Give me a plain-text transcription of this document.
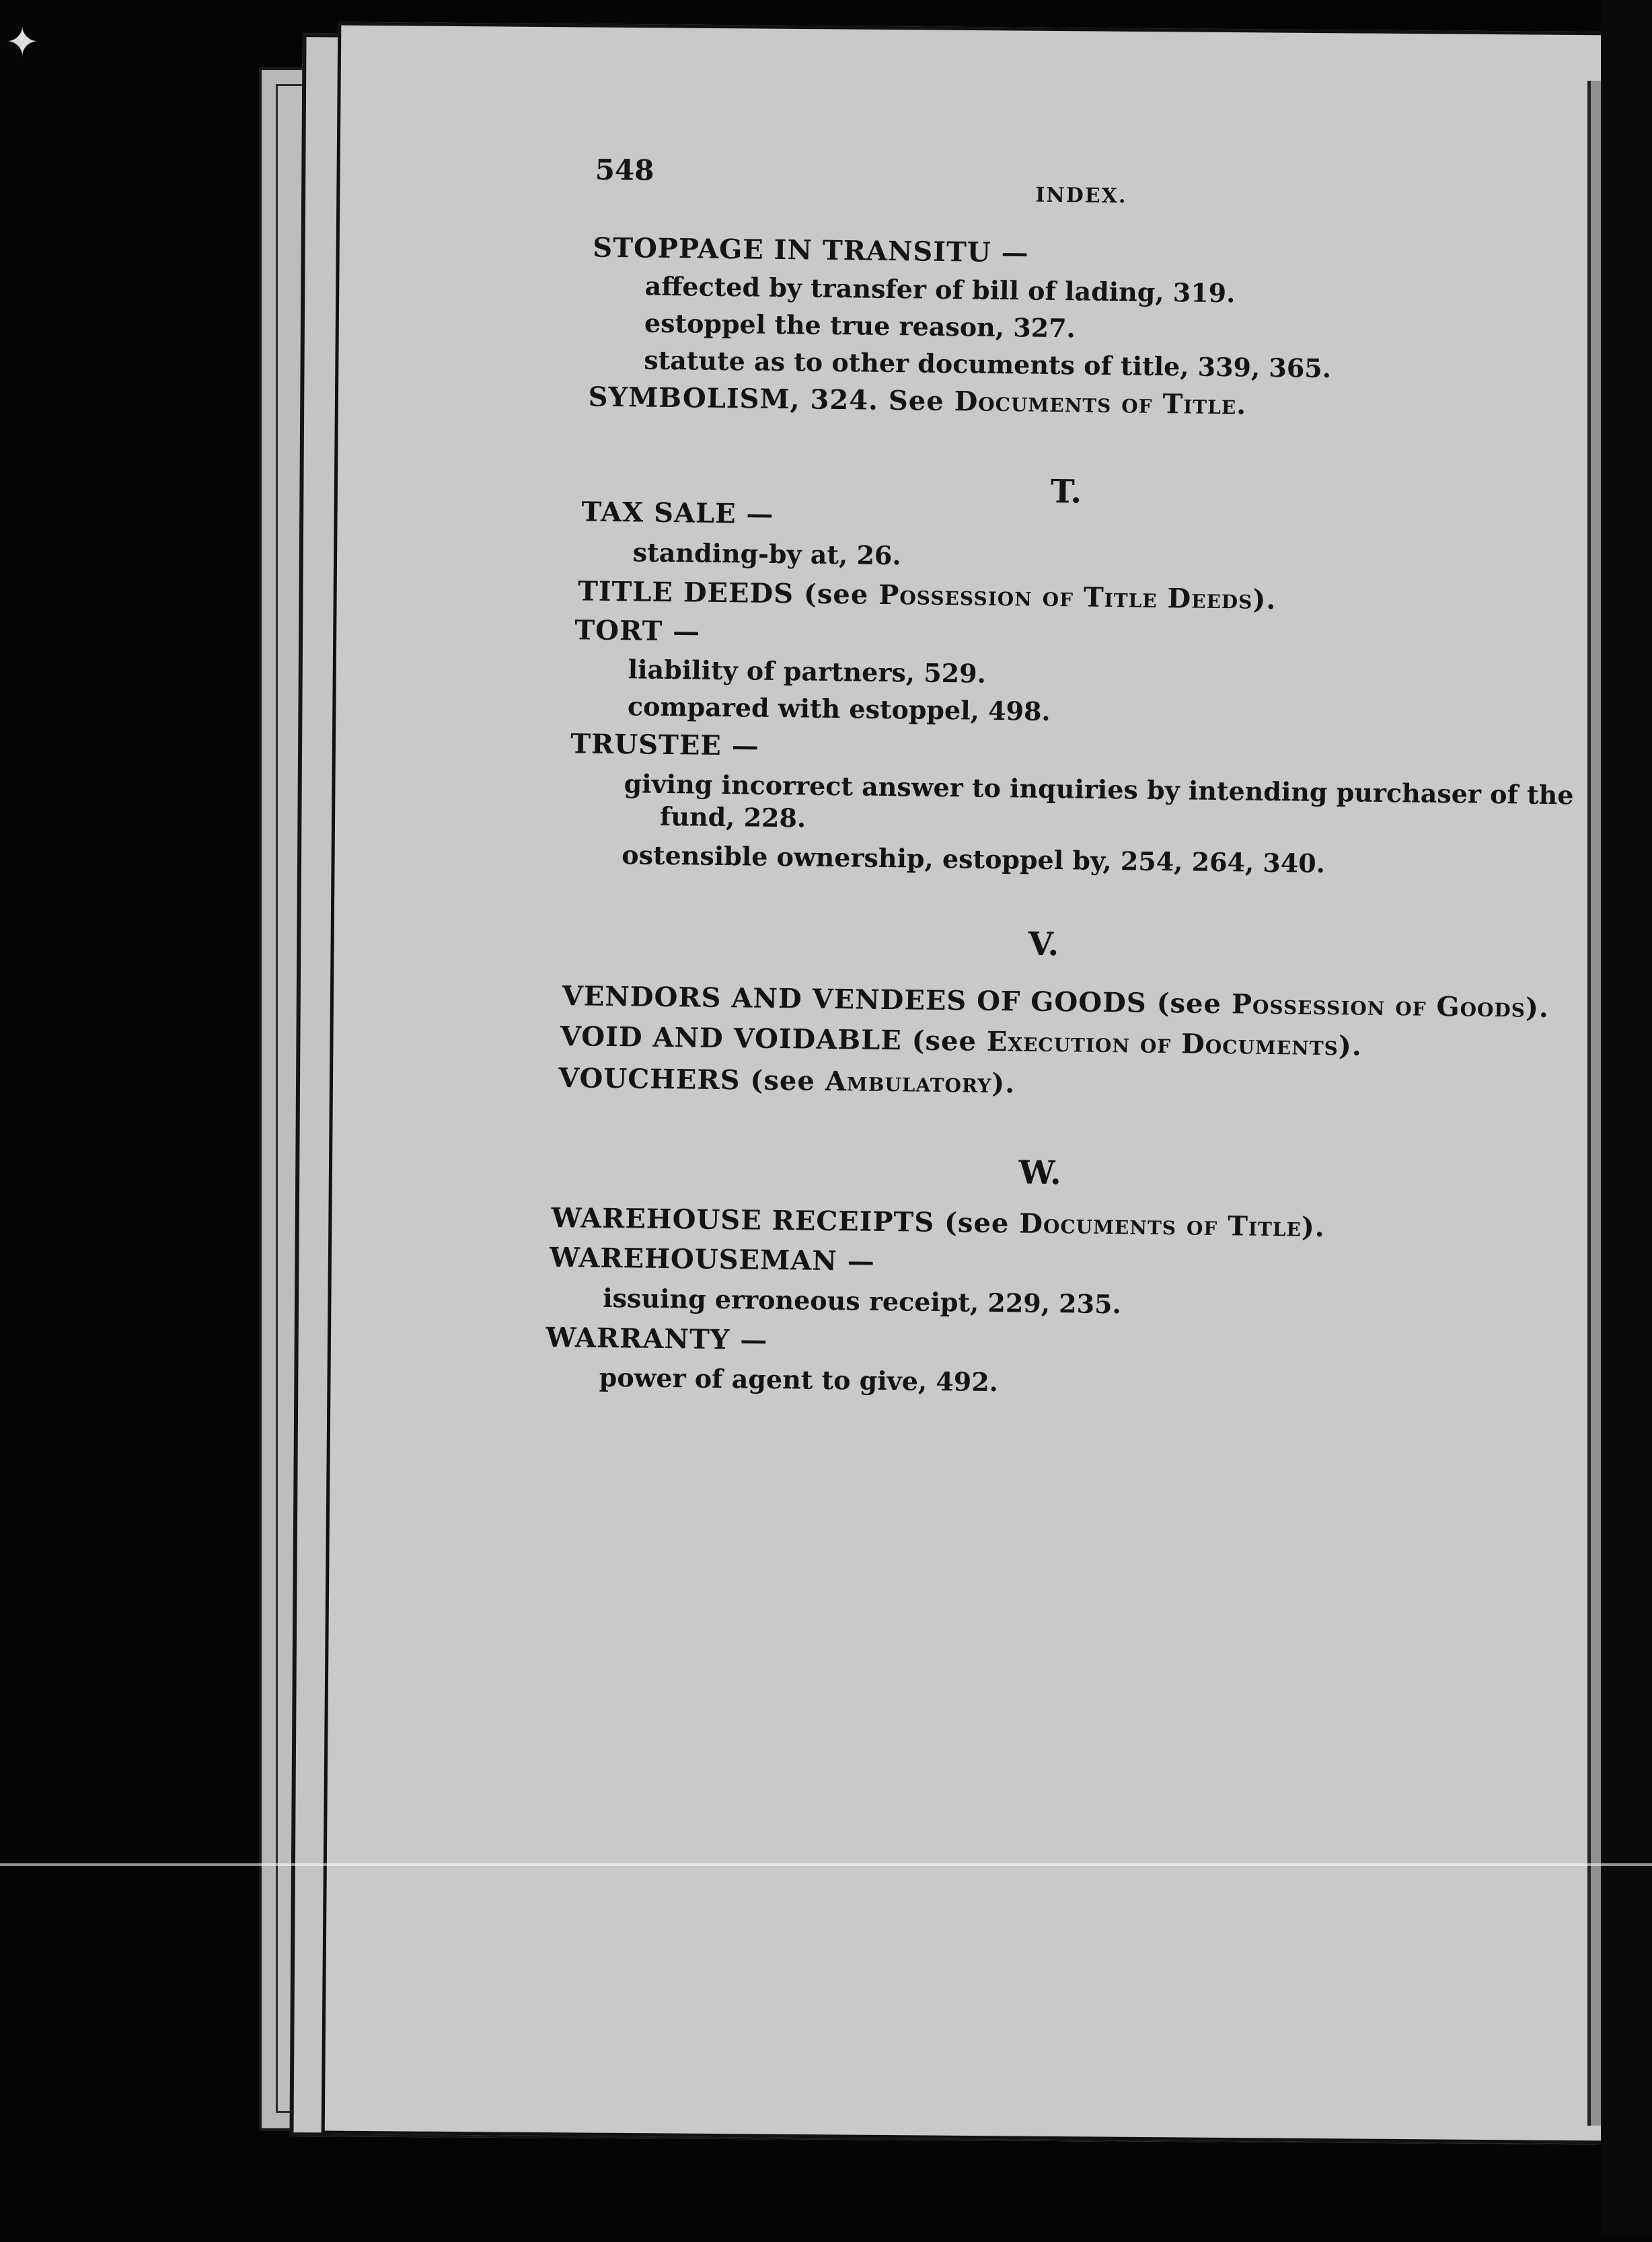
✦
548
INDEX.
STOPPAGE IN TRANSITU —
affected by transfer of bill of lading, 319.
estoppel the true reason, 327.
statute as to other documents of title, 339, 365.
SYMBOLISM, 324. See Documents of Title.
T.
TAX SALE —
standing-by at, 26.
TITLE DEEDS (see Possession of Title Deeds).
TORT —
liability of partners, 529.
compared with estoppel, 498.
TRUSTEE —
giving incorrect answer to inquiries by intending purchaser of the
fund, 228.
ostensible ownership, estoppel by, 254, 264, 340.
V.
VENDORS AND VENDEES OF GOODS (see Possession of Goods).
VOID AND VOIDABLE (see Execution of Documents).
VOUCHERS (see Ambulatory).
W.
WAREHOUSE RECEIPTS (see Documents of Title).
WAREHOUSEMAN —
issuing erroneous receipt, 229, 235.
WARRANTY —
power of agent to give, 492.
